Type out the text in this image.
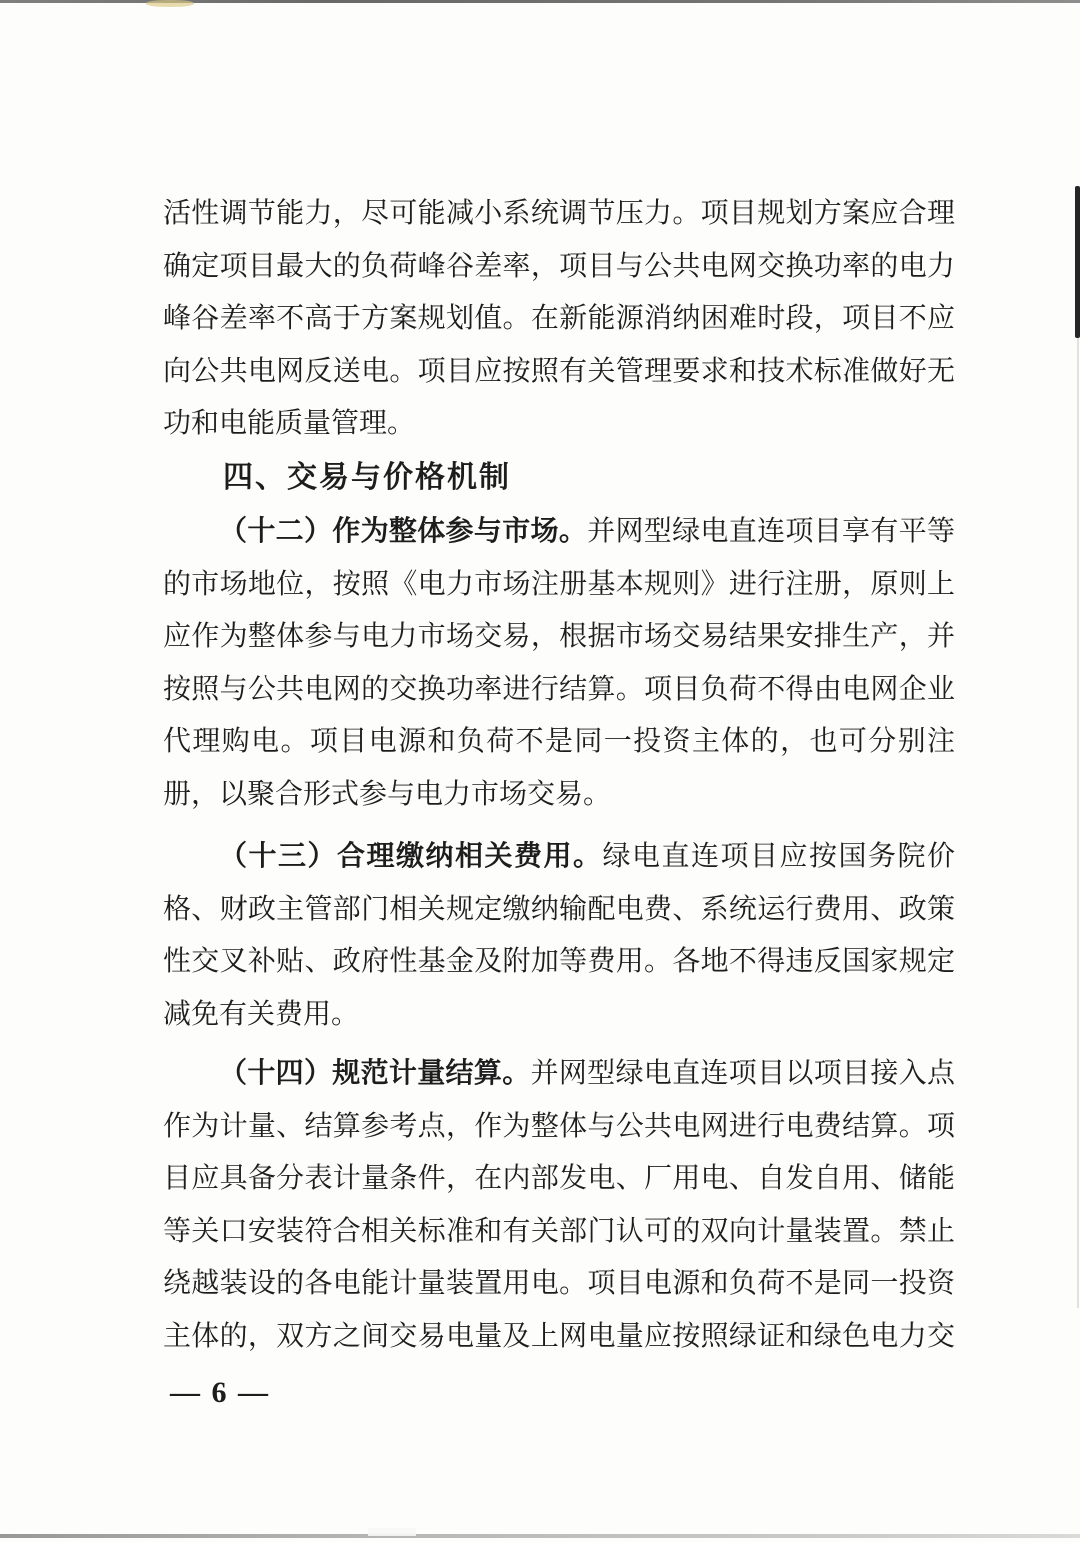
活性调节能力，尽可能减小系统调节压力。项目规划方案应合理
确定项目最大的负荷峰谷差率，项目与公共电网交换功率的电力
峰谷差率不高于方案规划值。在新能源消纳困难时段，项目不应
向公共电网反送电。项目应按照有关管理要求和技术标准做好无
功和电能质量管理。
四、交易与价格机制
（十二）作为整体参与市场。并网型绿电直连项目享有平等
的市场地位，按照《电力市场注册基本规则》进行注册，原则上
应作为整体参与电力市场交易，根据市场交易结果安排生产，并
按照与公共电网的交换功率进行结算。项目负荷不得由电网企业
代理购电。项目电源和负荷不是同一投资主体的，也可分别注
册，以聚合形式参与电力市场交易。
（十三）合理缴纳相关费用。绿电直连项目应按国务院价
格、财政主管部门相关规定缴纳输配电费、系统运行费用、政策
性交叉补贴、政府性基金及附加等费用。各地不得违反国家规定
减免有关费用。
（十四）规范计量结算。并网型绿电直连项目以项目接入点
作为计量、结算参考点，作为整体与公共电网进行电费结算。项
目应具备分表计量条件，在内部发电、厂用电、自发自用、储能
等关口安装符合相关标准和有关部门认可的双向计量装置。禁止
绕越装设的各电能计量装置用电。项目电源和负荷不是同一投资
主体的，双方之间交易电量及上网电量应按照绿证和绿色电力交
— 6 —
